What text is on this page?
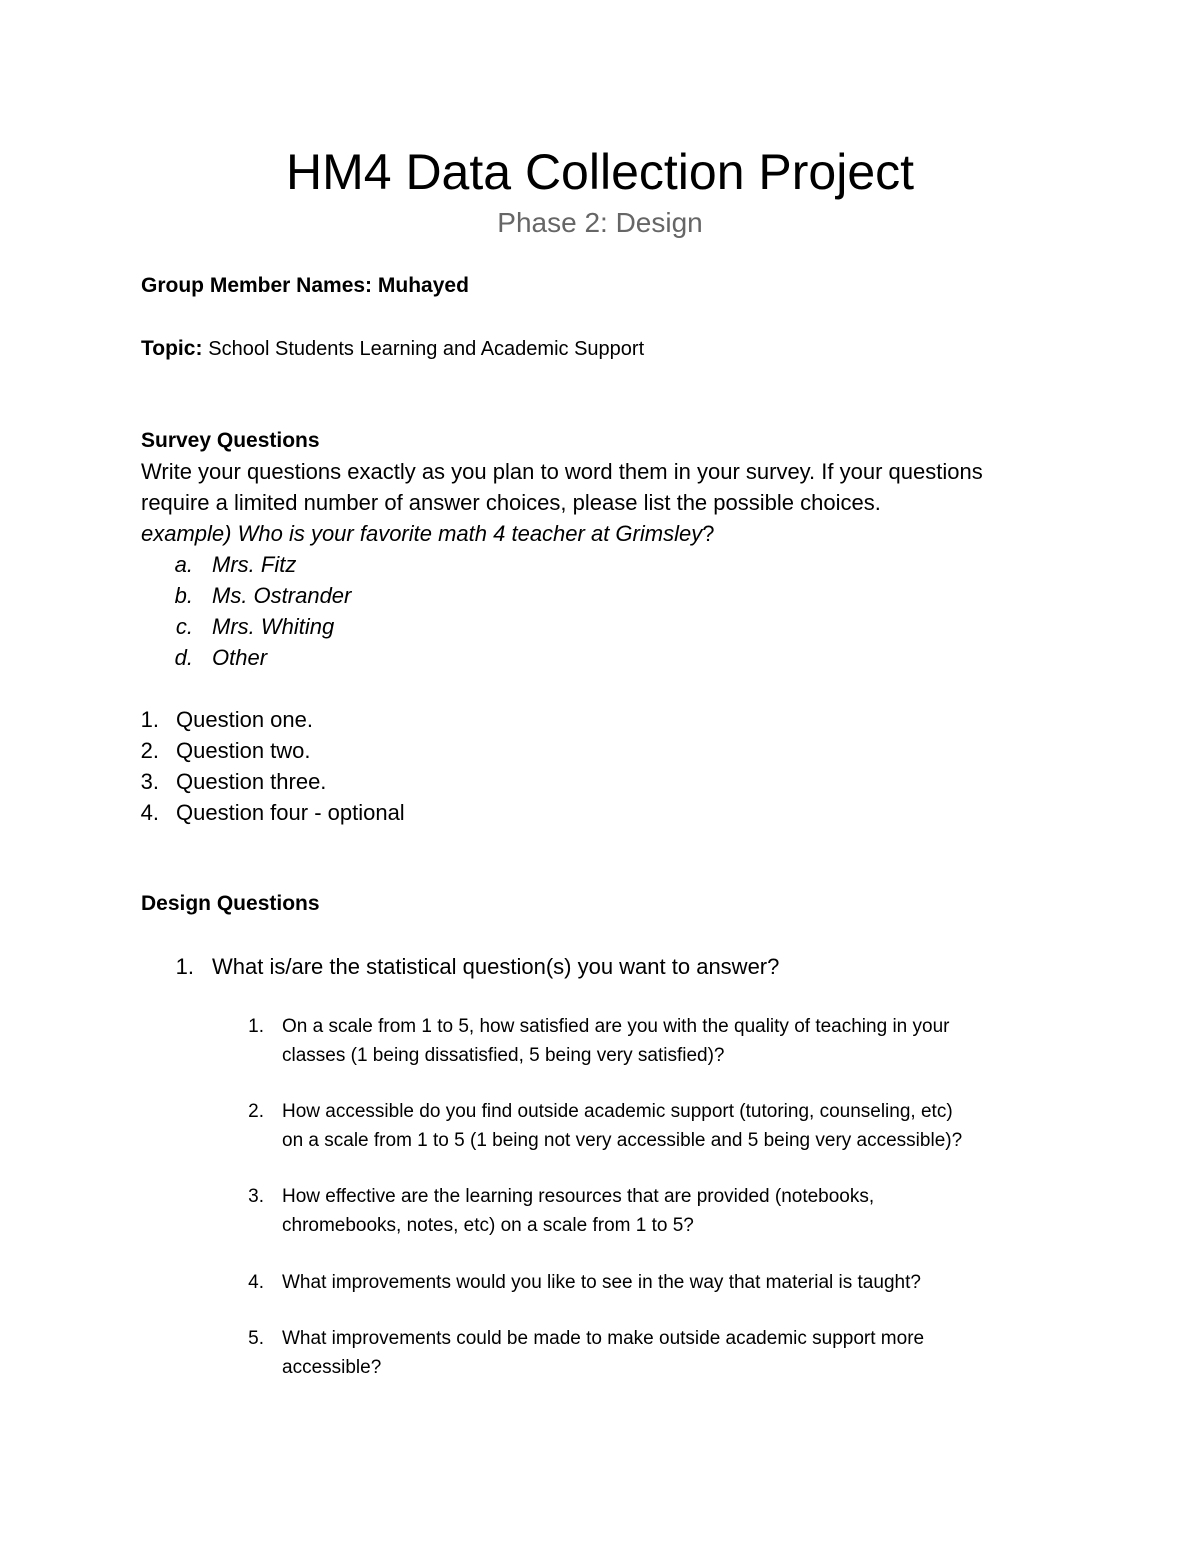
HM4 Data Collection Project
Phase 2: Design
Group Member Names: Muhayed
Topic: School Students Learning and Academic Support
Survey Questions
Write your questions exactly as you plan to word them in your survey. If your questions
require a limited number of answer choices, please list the possible choices.
example) Who is your favorite math 4 teacher at Grimsley?
a. Mrs. Fitz
b. Ms. Ostrander
c. Mrs. Whiting
d. Other
1. Question one.
2. Question two.
3. Question three.
4. Question four - optional
Design Questions
1. What is/are the statistical question(s) you want to answer?
1. On a scale from 1 to 5, how satisfied are you with the quality of teaching in your
classes (1 being dissatisfied, 5 being very satisfied)?
2. How accessible do you find outside academic support (tutoring, counseling, etc)
on a scale from 1 to 5 (1 being not very accessible and 5 being very accessible)?
3. How effective are the learning resources that are provided (notebooks,
chromebooks, notes, etc) on a scale from 1 to 5?
4. What improvements would you like to see in the way that material is taught?
5. What improvements could be made to make outside academic support more
accessible?
